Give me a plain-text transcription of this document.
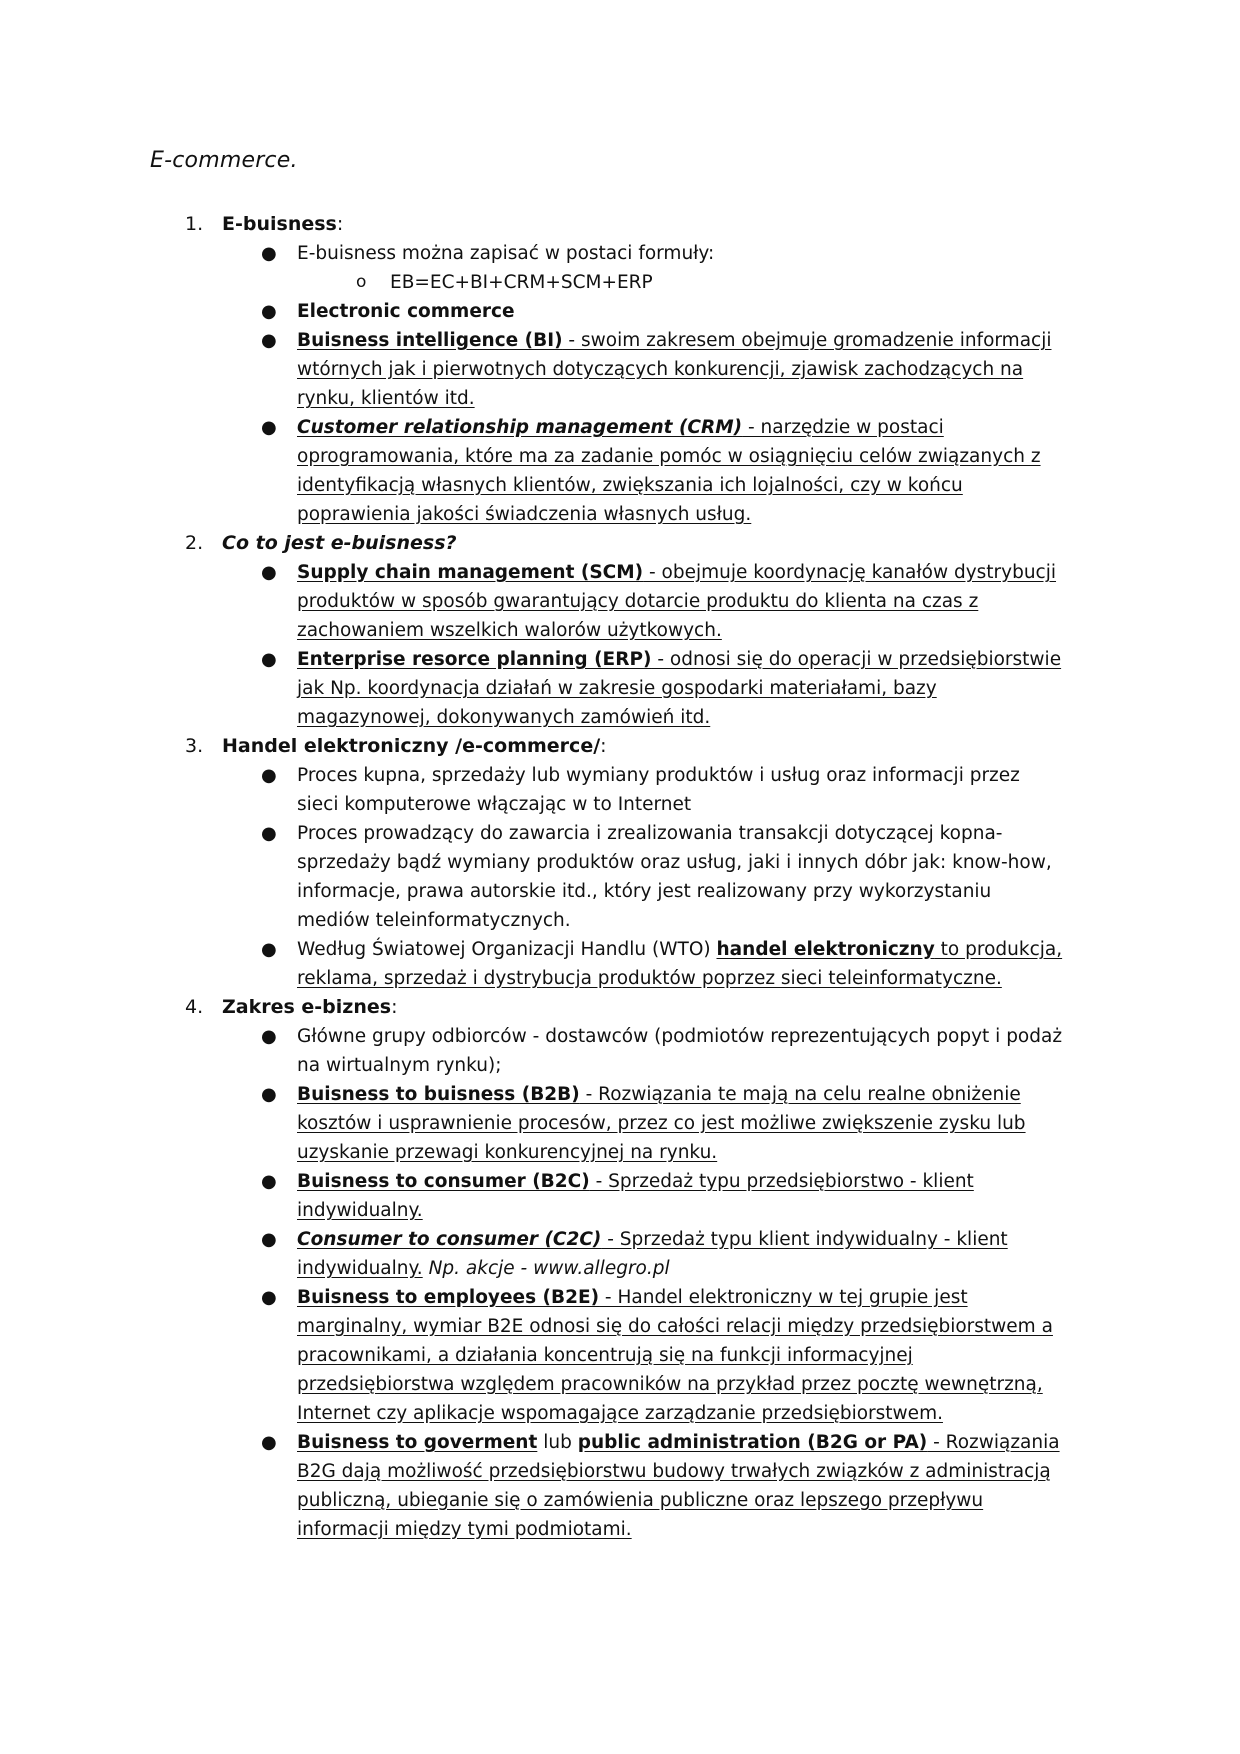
E-commerce.
1. E-buisness:
● E-buisness można zapisać w postaci formuły:
o EB=EC+BI+CRM+SCM+ERP
● Electronic commerce
● Buisness intelligence (BI) - swoim zakresem obejmuje gromadzenie informacji wtórnych jak i pierwotnych dotyczących konkurencji, zjawisk zachodzących na rynku, klientów itd.
● Customer relationship management (CRM) - narzędzie w postaci oprogramowania, które ma za zadanie pomóc w osiągnięciu celów związanych z identyfikacją własnych klientów, zwiększania ich lojalności, czy w końcu poprawienia jakości świadczenia własnych usług.
2. Co to jest e-buisness?
● Supply chain management (SCM) - obejmuje koordynację kanałów dystrybucji produktów w sposób gwarantujący dotarcie produktu do klienta na czas z zachowaniem wszelkich walorów użytkowych.
● Enterprise resorce planning (ERP) - odnosi się do operacji w przedsiębiorstwie jak Np. koordynacja działań w zakresie gospodarki materiałami, bazy magazynowej, dokonywanych zamówień itd.
3. Handel elektroniczny /e-commerce/:
● Proces kupna, sprzedaży lub wymiany produktów i usług oraz informacji przez sieci komputerowe włączając w to Internet
● Proces prowadzący do zawarcia i zrealizowania transakcji dotyczącej kopna-sprzedaży bądź wymiany produktów oraz usług, jaki i innych dóbr jak: know-how, informacje, prawa autorskie itd., który jest realizowany przy wykorzystaniu mediów teleinformatycznych.
● Według Światowej Organizacji Handlu (WTO) handel elektroniczny to produkcja, reklama, sprzedaż i dystrybucja produktów poprzez sieci teleinformatyczne.
4. Zakres e-biznes:
● Główne grupy odbiorców - dostawców (podmiotów reprezentujących popyt i podaż na wirtualnym rynku);
● Buisness to buisness (B2B) - Rozwiązania te mają na celu realne obniżenie kosztów i usprawnienie procesów, przez co jest możliwe zwiększenie zysku lub uzyskanie przewagi konkurencyjnej na rynku.
● Buisness to consumer (B2C) - Sprzedaż typu przedsiębiorstwo - klient indywidualny.
● Consumer to consumer (C2C) - Sprzedaż typu klient indywidualny - klient indywidualny. Np. akcje - www.allegro.pl
● Buisness to employees (B2E) - Handel elektroniczny w tej grupie jest marginalny, wymiar B2E odnosi się do całości relacji między przedsiębiorstwem a pracownikami, a działania koncentrują się na funkcji informacyjnej przedsiębiorstwa względem pracowników na przykład przez pocztę wewnętrzną, Internet czy aplikacje wspomagające zarządzanie przedsiębiorstwem.
● Buisness to goverment lub public administration (B2G or PA) - Rozwiązania B2G dają możliwość przedsiębiorstwu budowy trwałych związków z administracją publiczną, ubieganie się o zamówienia publiczne oraz lepszego przepływu informacji między tymi podmiotami.
